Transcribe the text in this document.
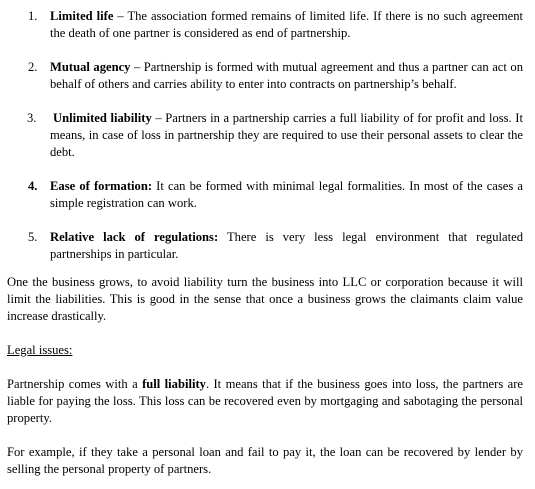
1. Limited life – The association formed remains of limited life. If there is no such agreement the death of one partner is considered as end of partnership.
2. Mutual agency – Partnership is formed with mutual agreement and thus a partner can act on behalf of others and carries ability to enter into contracts on partnership’s behalf.
3. Unlimited liability – Partners in a partnership carries a full liability of for profit and loss. It means, in case of loss in partnership they are required to use their personal assets to clear the debt.
4. Ease of formation: It can be formed with minimal legal formalities. In most of the cases a simple registration can work.
5. Relative lack of regulations: There is very less legal environment that regulated partnerships in particular.

One the business grows, to avoid liability turn the business into LLC or corporation because it will limit the liabilities. This is good in the sense that once a business grows the claimants claim value increase drastically.

Legal issues:

Partnership comes with a full liability. It means that if the business goes into loss, the partners are liable for paying the loss. This loss can be recovered even by mortgaging and sabotaging the personal property.

For example, if they take a personal loan and fail to pay it, the loan can be recovered by lender by selling the personal property of partners.
